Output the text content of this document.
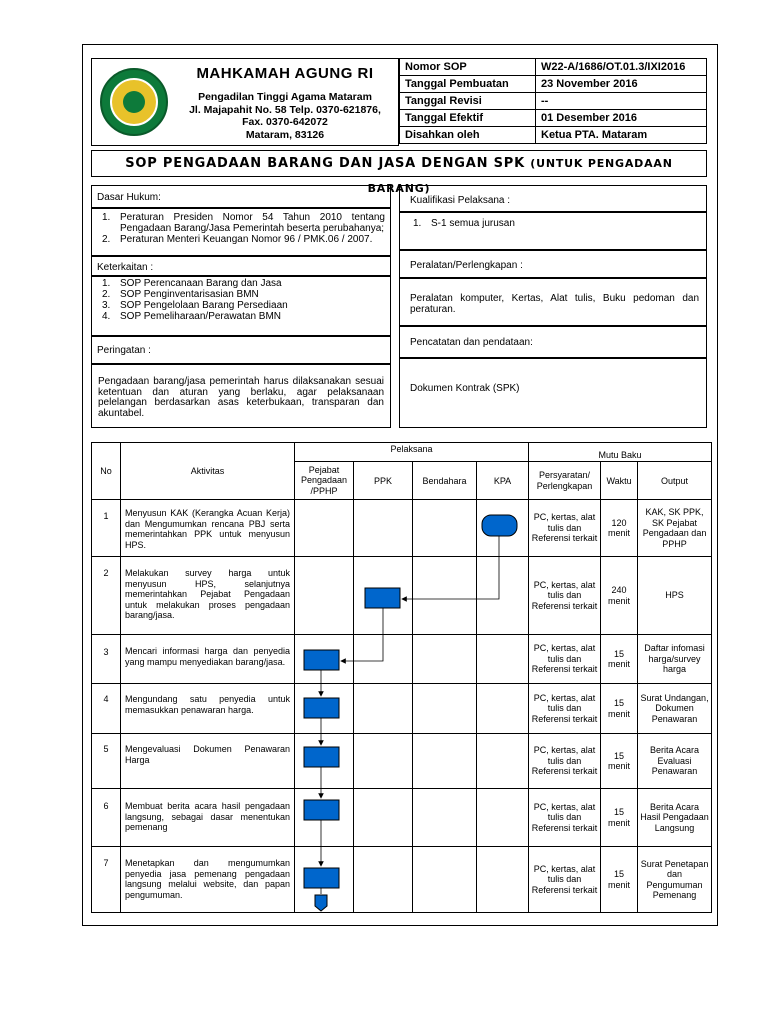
MAHKAMAH AGUNG RI
Pengadilan Tinggi Agama Mataram
Jl. Majapahit No. 58 Telp. 0370-621876,
Fax. 0370-642072
Mataram, 83126
Nomor SOP	W22-A/1686/OT.01.3/IXI2016
Tanggal Pembuatan	23 November 2016
Tanggal Revisi	--
Tanggal Efektif	01 Desember 2016
Disahkan oleh	Ketua PTA. Mataram
SOP PENGADAAN BARANG DAN JASA DENGAN SPK (UNTUK PENGADAAN BARANG)
Dasar Hukum:
1. Peraturan Presiden Nomor 54 Tahun 2010 tentang Pengadaan Barang/Jasa Pemerintah beserta perubahanya;
2. Peraturan Menteri Keuangan Nomor 96 / PMK.06 / 2007.
Keterkaitan :
1. SOP Perencanaan Barang dan Jasa
2. SOP Penginventarisasian BMN
3. SOP Pengelolaan Barang Persediaan
4. SOP Pemeliharaan/Perawatan BMN
Peringatan :
Pengadaan barang/jasa pemerintah harus dilaksanakan sesuai ketentuan dan aturan yang berlaku, agar pelaksanaan pelelangan berdasarkan asas keterbukaan, transparan dan akuntabel.
Kualifikasi Pelaksana :
1. S-1 semua jurusan
Peralatan/Perlengkapan :
Peralatan komputer, Kertas, Alat tulis, Buku pedoman dan peraturan.
Pencatatan dan pendataan:
Dokumen Kontrak (SPK)
No	Aktivitas	Pelaksana				Mutu Baku		
		Pejabat Pengadaan /PPHP	PPK	Bendahara	KPA	Persyaratan/ Perlengkapan	Waktu	Output
1	Menyusun KAK (Kerangka Acuan Kerja) dan Mengumumkan rencana PBJ serta memerintahkan PPK untuk menyusun HPS.					PC, kertas, alat tulis dan Referensi terkait	120 menit	KAK, SK PPK, SK Pejabat Pengadaan dan PPHP
2	Melakukan survey harga untuk menyusun HPS, selanjutnya memerintahkan Pejabat Pengadaan untuk melakukan proses pengadaan barang/jasa.					PC, kertas, alat tulis dan Referensi terkait	240 menit	HPS
3	Mencari informasi harga dan penyedia yang mampu menyediakan barang/jasa.					PC, kertas, alat tulis dan Referensi terkait	15 menit	Daftar infomasi harga/survey harga
4	Mengundang satu penyedia untuk memasukkan penawaran harga.					PC, kertas, alat tulis dan Referensi terkait	15 menit	Surat Undangan, Dokumen Penawaran
5	Mengevaluasi Dokumen Penawaran Harga					PC, kertas, alat tulis dan Referensi terkait	15 menit	Berita Acara Evaluasi Penawaran
6	Membuat berita acara hasil pengadaan langsung, sebagai dasar menentukan pemenang					PC, kertas, alat tulis dan Referensi terkait	15 menit	Berita Acara Hasil Pengadaan Langsung
7	Menetapkan dan mengumumkan penyedia jasa pemenang pengadaan langsung melalui website, dan papan pengumuman.					PC, kertas, alat tulis dan Referensi terkait	15 menit	Surat Penetapan dan Pengumuman Pemenang
